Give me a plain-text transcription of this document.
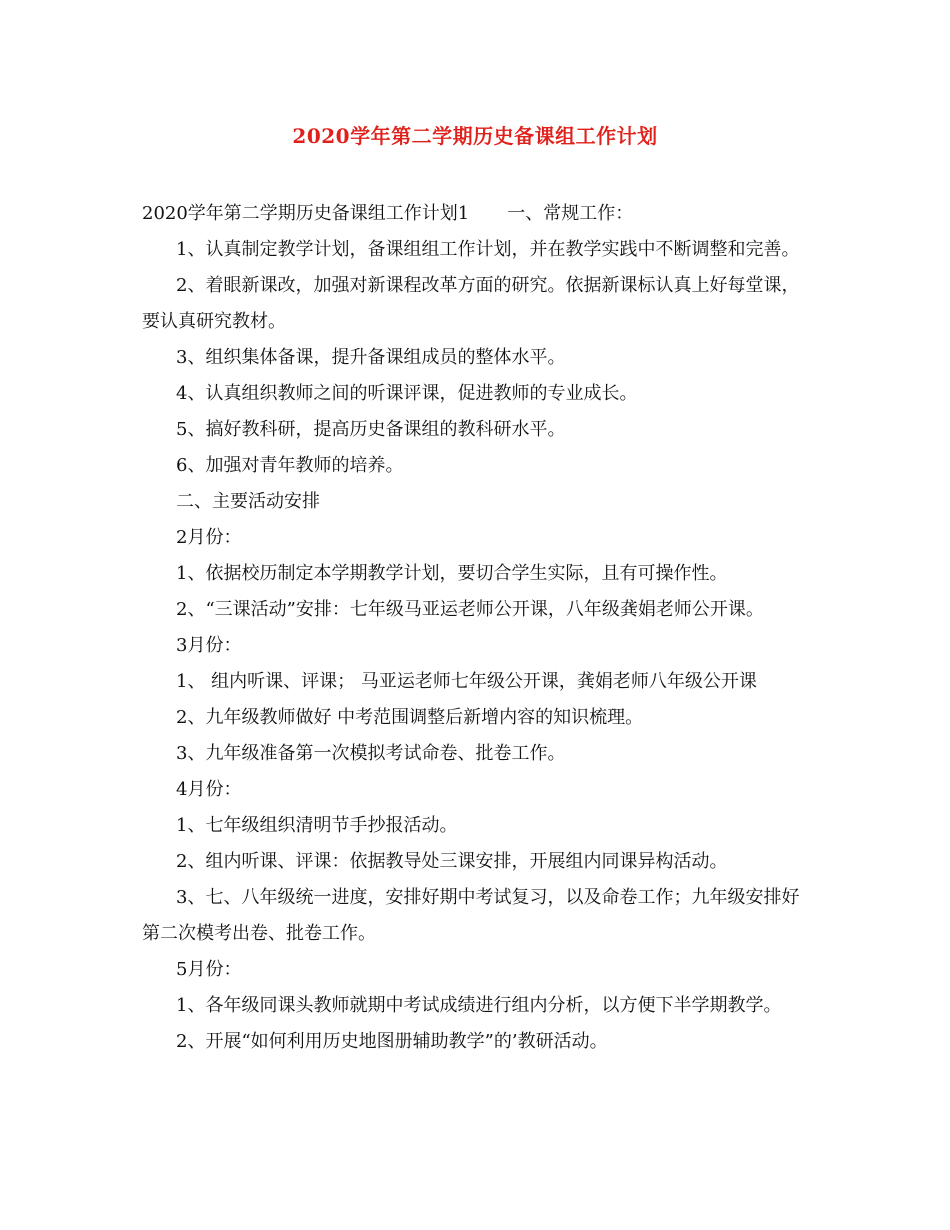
2020学年第二学期历史备课组工作计划

2020学年第二学期历史备课组工作计划1 一、常规工作：

1、认真制定教学计划，备课组组工作计划，并在教学实践中不断调整和完善。

2、着眼新课改，加强对新课程改革方面的研究。依据新课标认真上好每堂课， 要认真研究教材。

3、组织集体备课，提升备课组成员的整体水平。

4、认真组织教师之间的听课评课，促进教师的专业成长。

5、搞好教科研，提高历史备课组的教科研水平。

6、加强对青年教师的培养。

二、主要活动安排

2月份：

1、依据校历制定本学期教学计划，要切合学生实际，且有可操作性。

2、“三课活动”安排：七年级马亚运老师公开课，八年级龚娟老师公开课。

3月份：

1、 组内听课、评课； 马亚运老师七年级公开课，龚娟老师八年级公开课

2、九年级教师做好 中考范围调整后新增内容的知识梳理。

3、九年级准备第一次模拟考试命卷、批卷工作。

4月份：

1、七年级组织清明节手抄报活动。

2、组内听课、评课：依据教导处三课安排，开展组内同课异构活动。

3、七、八年级统一进度，安排好期中考试复习，以及命卷工作；九年级安排好第二次模考出卷、批卷工作。

5月份：

1、各年级同课头教师就期中考试成绩进行组内分析，以方便下半学期教学。

2、开展“如何利用历史地图册辅助教学”的’教研活动。
